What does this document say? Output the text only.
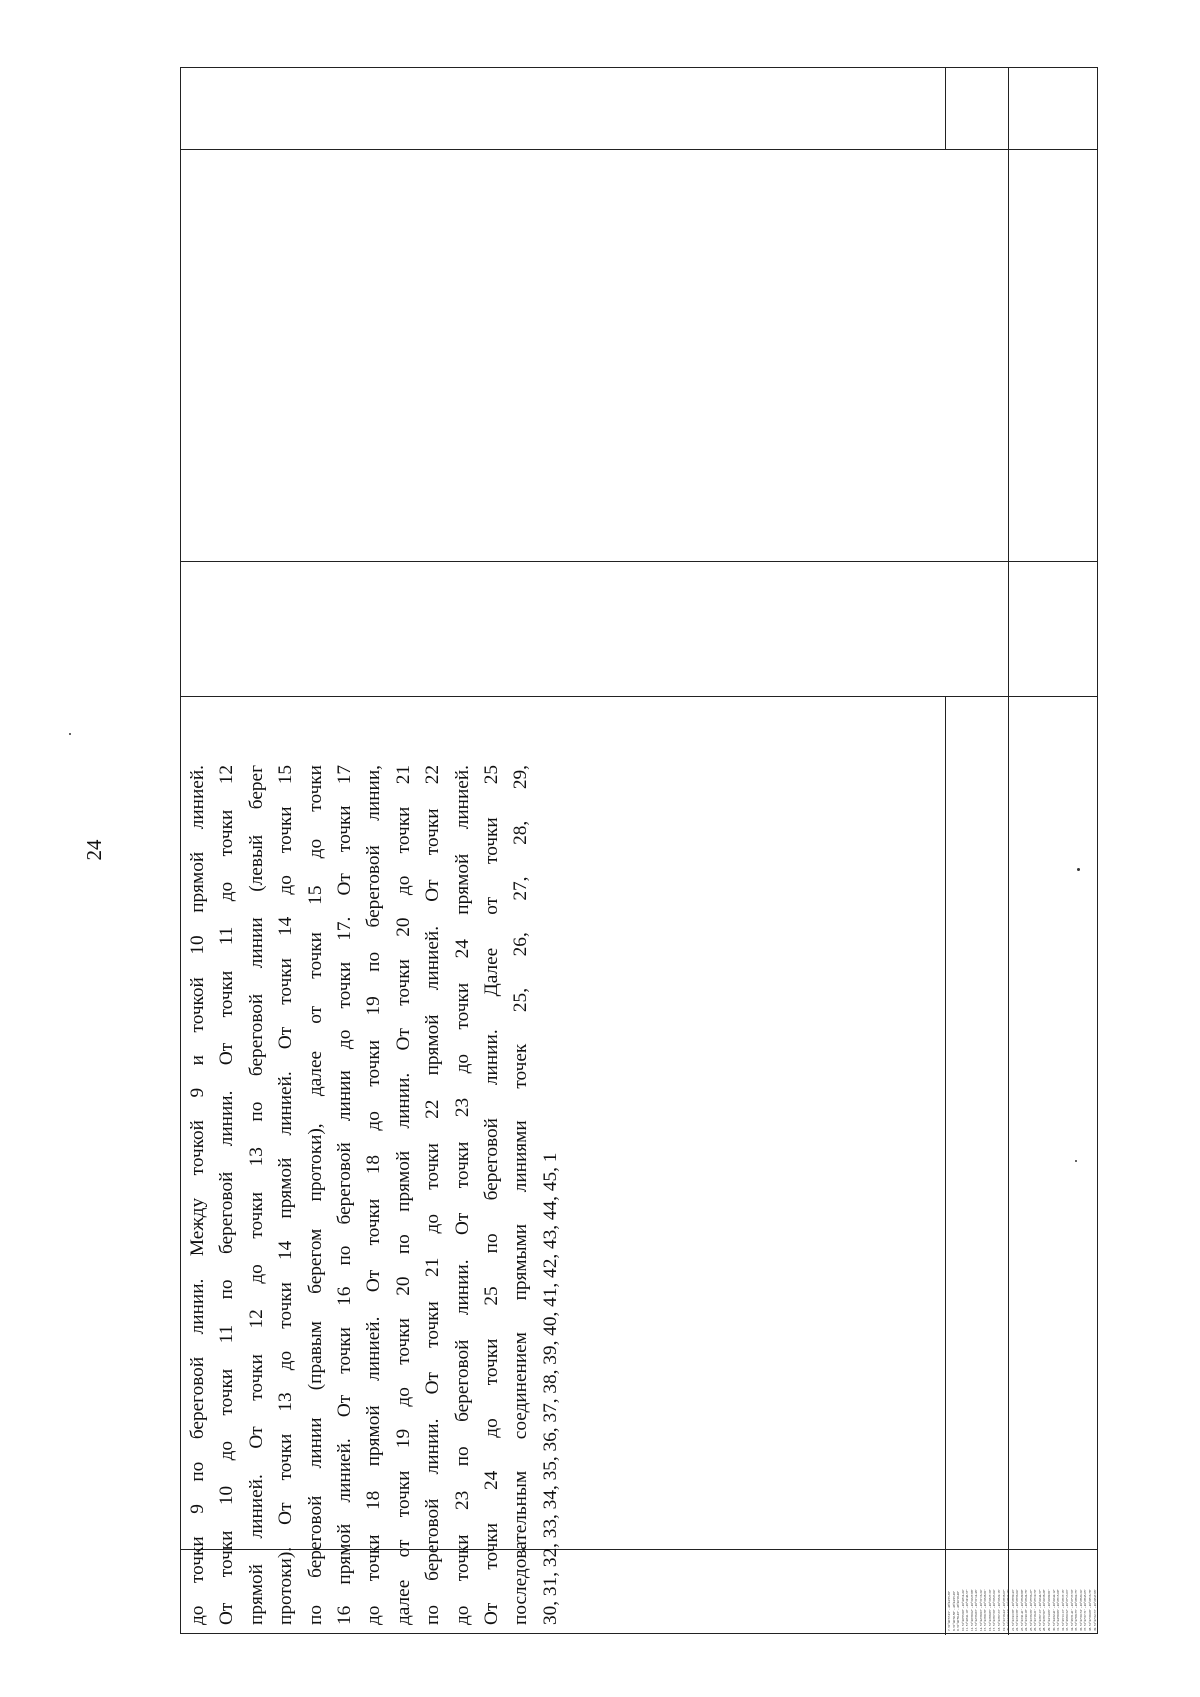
24	до точки 9 по береговой линии. Между точкой 9 и точкой 10 прямой линией. От точки 10 до точки 11 по береговой линии. От точки 11 до точки 12 прямой линией. От точки 12 до точки 13 по береговой линии (левый берег протоки). От точки 13 до точки 14 прямой линией. От точки 14 до точки 15 по береговой линии (правым берегом протоки), далее от точки 15 до точки 16 прямой линией. От точки 16 по береговой линии до точки 17. От точки 17 до точки 18 прямой линией. От точки 18 до точки 19 по береговой линии, далее от точки 19 до точки 20 по прямой линии. От точки 20 до точки 21 по береговой линии. От точки 21 до точки 22 прямой линией. От точки 22 до точки 23 по береговой линии. От точки 23 до точки 24 прямой линией. От точки 24 до точки 25 по береговой линии. Далее от точки 25 последовательным соединением прямыми линиями точек 25, 26, 27, 28, 29, 30, 31, 32, 33, 34, 35, 36, 37, 38, 39, 40, 41, 42, 43, 44, 45, 1	7. 51°40'37.91" - 46°44'35.38" 8. 51°40'30.58" - 46°44'25.29" 9. 51°40'56.45" - 46°40'18.48" 10. 51°40'55.90" - 46°40'14.24" 11. 51°40'41.10" - 46°34'46.57" 12. 51°40'39.62" - 46°34'27.88" 13. 51°42'36.83" - 46°31'14.46" 14. 51°42'38.93" - 46°31'16.34" 15. 51°43'09.79" - 46°30'28.81" 16. 51°43'08.85" - 46°30'27.30" 17. 51°43'07.50" - 46°30'23.04" 18. 51°43'07.33" - 46°30'22.16" 19. 51°43'18.44" - 46°28'38.07" 20. 51°43'19.44" - 46°28'37.46" 21. 51°43'43.59" - 46°26'59.43" 22. 51°43'43.58" - 46°26'56.04" 23. 51°43'41.41" - 46°26'29.89" 24. 51°43'40.19" - 46°26'24.76" 25. 51°43'36.56" - 46°25'56.27" 26. 51°43'18.21" - 46°25'19.70" 27. 51°43'07.13" - 46°24'44.57" 28. 51°43'07.97" - 46°24'38.29" 29. 51°44'14.66" - 46°24'09.81" 30. 51°44'22.41" - 46°24'42.12" 31. 51°44'59.96" - 46°26'15.09" 32. 51°45'13.13" - 46°26'37.16" 33. 51°46'00.52" - 46°27'13.03" 34. 51°46'31.41" - 46°27'37.50" 35. 51°47'08.75" - 46°28'02.75" 36. 51°47'20.74" - 46°28'20.34" 37. 51°47'27.71" - 46°28'45.05" 38. 51°47'29.08" - 46°29'16.78" 39. 51°47'22.73" - 46°29'47.96"
